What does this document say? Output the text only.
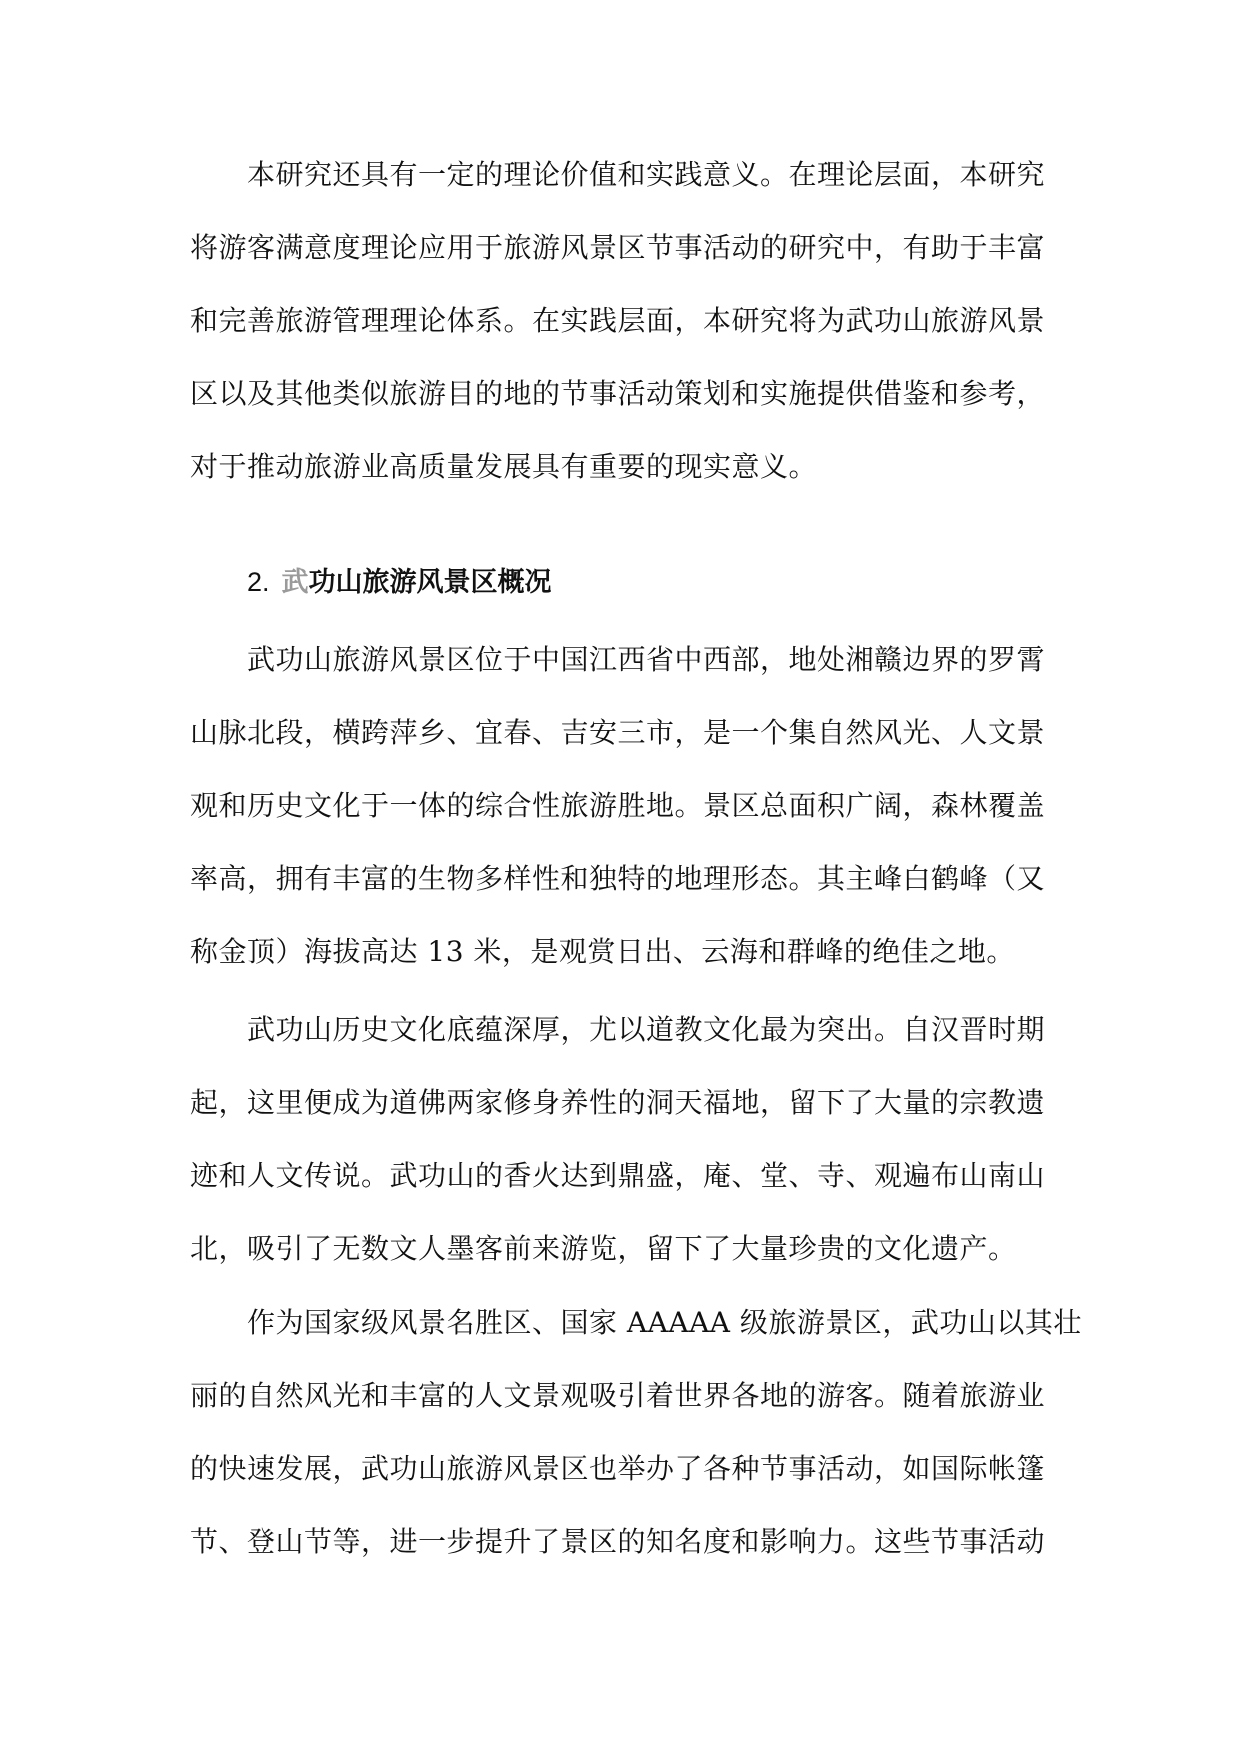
本研究还具有一定的理论价值和实践意义。在理论层面，本研究
将游客满意度理论应用于旅游风景区节事活动的研究中，有助于丰富
和完善旅游管理理论体系。在实践层面，本研究将为武功山旅游风景
区以及其他类似旅游目的地的节事活动策划和实施提供借鉴和参考，
对于推动旅游业高质量发展具有重要的现实意义。
2. 武功山旅游风景区概况
武功山旅游风景区位于中国江西省中西部，地处湘赣边界的罗霄
山脉北段，横跨萍乡、宜春、吉安三市，是一个集自然风光、人文景
观和历史文化于一体的综合性旅游胜地。景区总面积广阔，森林覆盖
率高，拥有丰富的生物多样性和独特的地理形态。其主峰白鹤峰（又
称金顶）海拔高达 13 米，是观赏日出、云海和群峰的绝佳之地。
武功山历史文化底蕴深厚，尤以道教文化最为突出。自汉晋时期
起，这里便成为道佛两家修身养性的洞天福地，留下了大量的宗教遗
迹和人文传说。武功山的香火达到鼎盛，庵、堂、寺、观遍布山南山
北，吸引了无数文人墨客前来游览，留下了大量珍贵的文化遗产。
作为国家级风景名胜区、国家 AAAAA 级旅游景区，武功山以其壮
丽的自然风光和丰富的人文景观吸引着世界各地的游客。随着旅游业
的快速发展，武功山旅游风景区也举办了各种节事活动，如国际帐篷
节、登山节等，进一步提升了景区的知名度和影响力。这些节事活动
